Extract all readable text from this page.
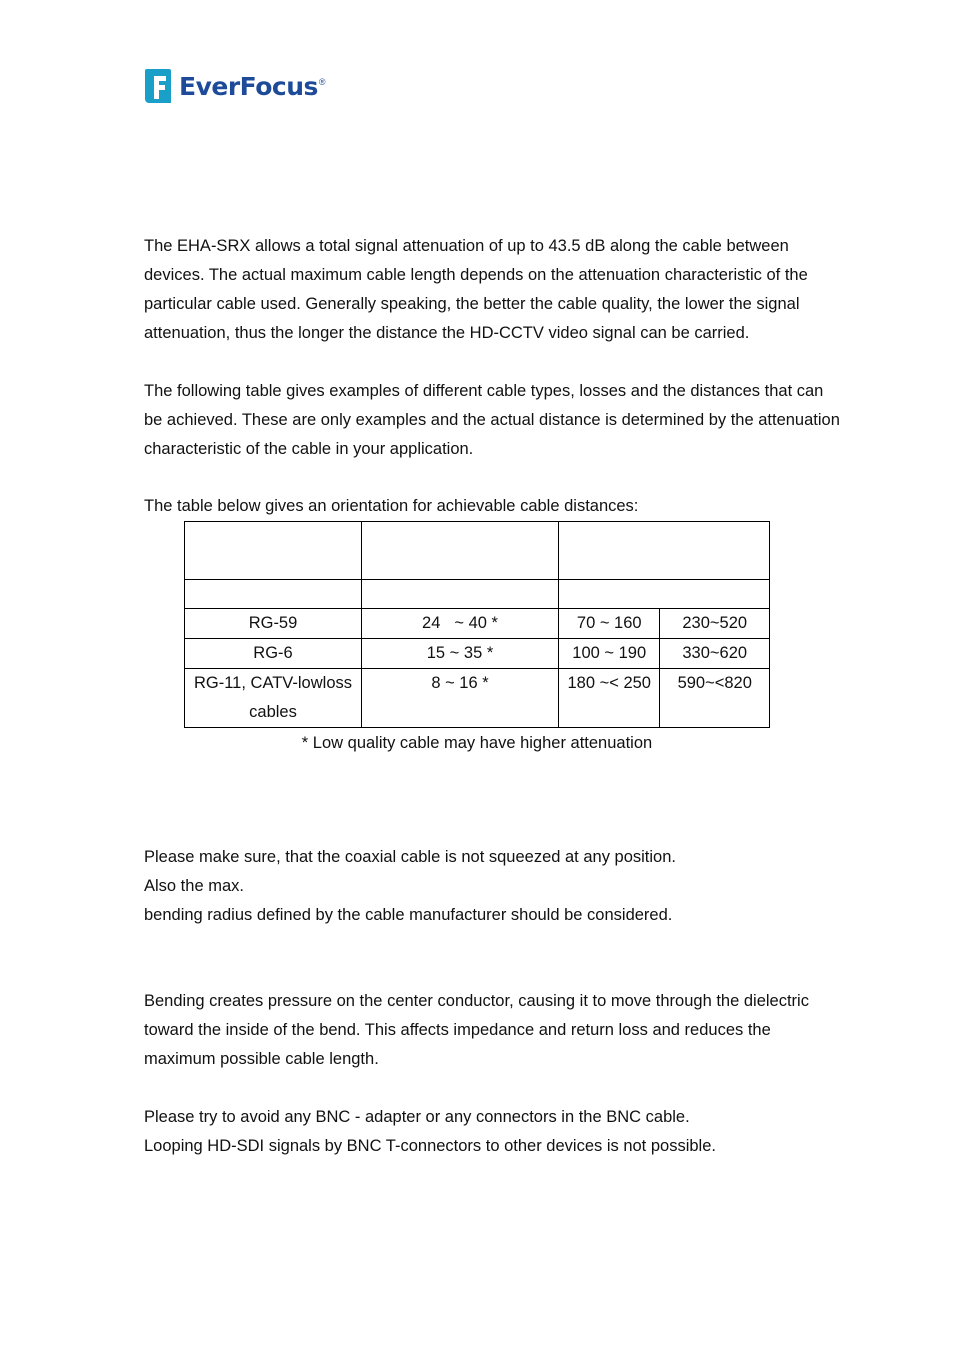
EverFocus ®

The EHA-SRX allows a total signal attenuation of up to 43.5 dB along the cable between
devices. The actual maximum cable length depends on the attenuation characteristic of the
particular cable used. Generally speaking, the better the cable quality, the lower the signal
attenuation, thus the longer the distance the HD-CCTV video signal can be carried.

The following table gives examples of different cable types, losses and the distances that can
be achieved. These are only examples and the actual distance is determined by the attenuation
characteristic of the cable in your application.

The table below gives an orientation for achievable cable distances:

RG-59	24 ~ 40 *	70 ~ 160	230~520
RG-6	15 ~ 35 *	100 ~ 190	330~620

RG-11, CATV-lowloss
cables	8 ~ 16 *	180 ~< 250	590~<820
* Low quality cable may have higher attenuation

Please make sure, that the coaxial cable is not squeezed at any position.
Also the max.
bending radius defined by the cable manufacturer should be considered.

Bending creates pressure on the center conductor, causing it to move through the dielectric
toward the inside of the bend. This affects impedance and return loss and reduces the
maximum possible cable length.

Please try to avoid any BNC - adapter or any connectors in the BNC cable.
Looping HD-SDI signals by BNC T-connectors to other devices is not possible.
